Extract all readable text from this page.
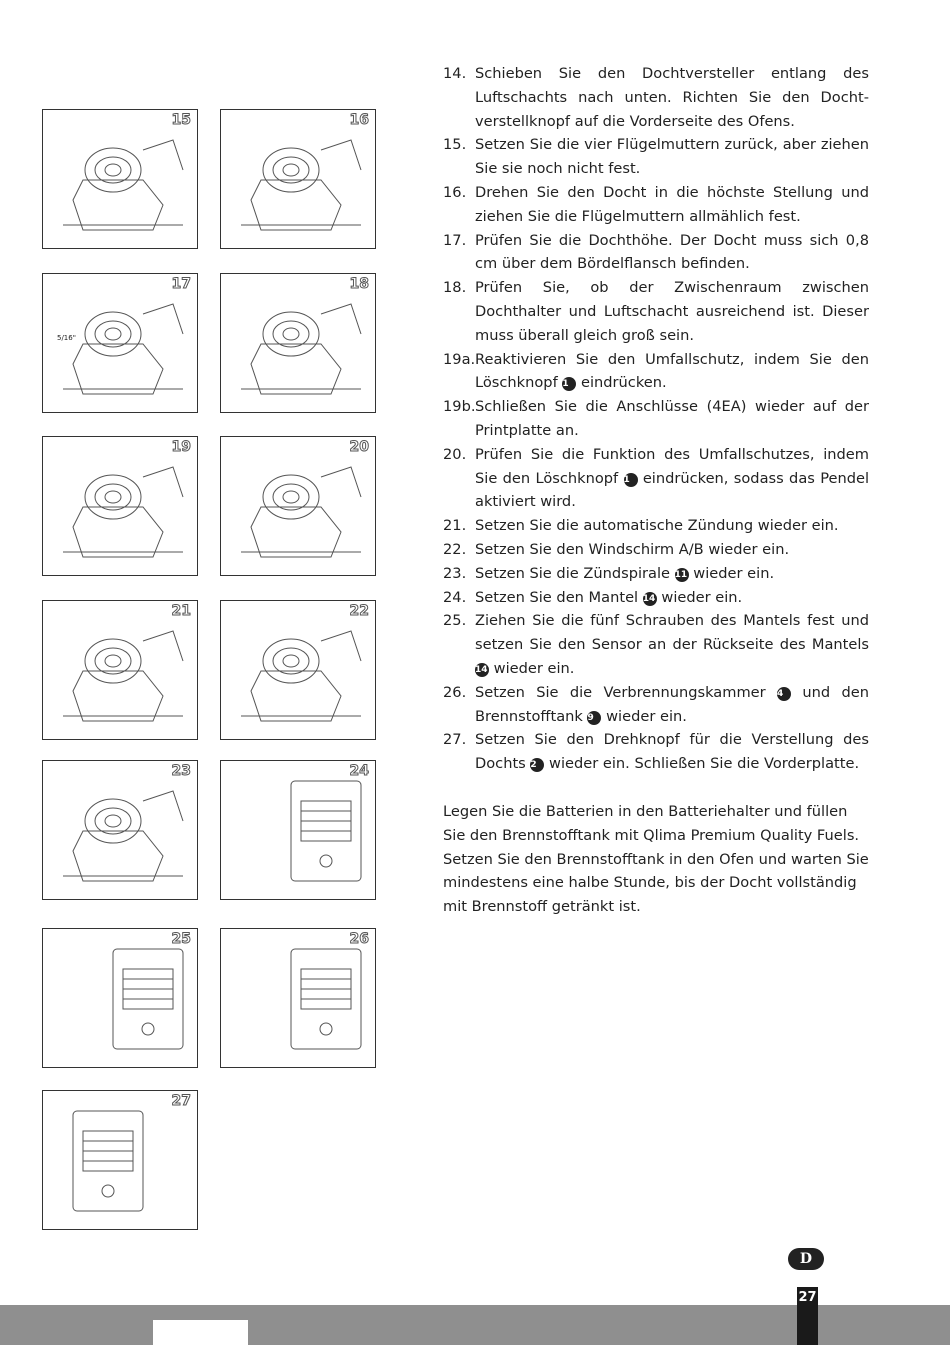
15	16
17
5/16"
18
19	20
21	22
23	24
25	26
27
14. Schieben Sie den Dochtversteller entlang des Luftschachts nach unten. Richten Sie den Dochtverstellknopf auf die Vorderseite des Ofens.
15. Setzen Sie die vier Flügelmuttern zurück, aber ziehen Sie sie noch nicht fest.
16. Drehen Sie den Docht in die höchste Stellung und ziehen Sie die Flügelmuttern allmählich fest.
17. Prüfen Sie die Dochthöhe. Der Docht muss sich 0,8 cm über dem Bördelflansch befinden.
18. Prüfen Sie, ob der Zwischenraum zwischen Dochthalter und Luftschacht ausreichend ist. Dieser muss überall gleich groß sein.
19a. Reaktivieren Sie den Umfallschutz, indem Sie den Löschknopf 1 eindrücken.
19b. Schließen Sie die Anschlüsse (4EA) wieder auf der Printplatte an.
20. Prüfen Sie die Funktion des Umfallschutzes, indem Sie den Löschknopf 1 eindrücken, sodass das Pendel aktiviert wird.
21. Setzen Sie die automatische Zündung wieder ein.
22. Setzen Sie den Windschirm A/B wieder ein.
23. Setzen Sie die Zündspirale 11 wieder ein.
24. Setzen Sie den Mantel 14 wieder ein.
25. Ziehen Sie die fünf Schrauben des Mantels fest und setzen Sie den Sensor an der Rückseite des Mantels 14 wieder ein.
26. Setzen Sie die Verbrennungskammer 4 und den Brennstofftank 9 wieder ein.
27. Setzen Sie den Drehknopf für die Verstellung des Dochts 2 wieder ein. Schließen Sie die Vorderplatte.
Legen Sie die Batterien in den Batteriehalter und füllen Sie den Brennstofftank mit Qlima Premium Quality Fuels. Setzen Sie den Brennstofftank in den Ofen und warten Sie mindestens eine halbe Stunde, bis der Docht vollständig mit Brennstoff getränkt ist.
D
27
